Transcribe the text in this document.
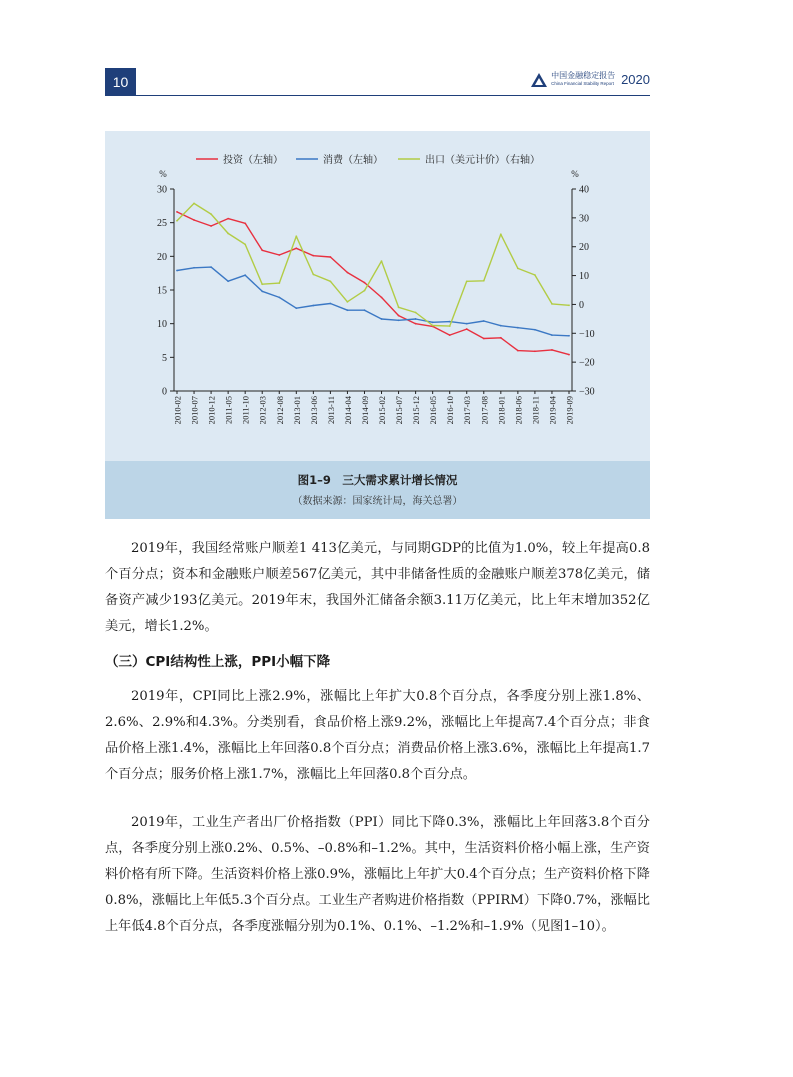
10	中国金融稳定报告
China Financial Stability Report 2020
%	%
0
5
10
15
20
25
30
−30
−20
−10
0
10
20
30
40
2010-02 2010-07 2010-12 2011-05 2011-10 2012-03 2012-08 2013-01 2013-06 2013-11 2014-04 2014-09 2015-02 2015-07 2015-12 2016-05 2016-10 2017-03 2017-08 2018-01 2018-06 2018-11 2019-04 2019-09
投资（左轴）	消费（左轴）	出口（美元计价）（右轴）
图1–9　三大需求累计增长情况
（数据来源：国家统计局，海关总署）

2019年，我国经常账户顺差1 413亿美元，与同期GDP的比值为1.0%，较上年提高0.8个百分点；资本和金融账户顺差567亿美元，其中非储备性质的金融账户顺差378亿美元，储备资产减少193亿美元。2019年末，我国外汇储备余额3.11万亿美元，比上年末增加352亿美元，增长1.2%。

（三）CPI结构性上涨，PPI小幅下降

2019年，CPI同比上涨2.9%，涨幅比上年扩大0.8个百分点，各季度分别上涨1.8%、2.6%、2.9%和4.3%。分类别看，食品价格上涨9.2%，涨幅比上年提高7.4个百分点；非食品价格上涨1.4%，涨幅比上年回落0.8个百分点；消费品价格上涨3.6%，涨幅比上年提高1.7个百分点；服务价格上涨1.7%，涨幅比上年回落0.8个百分点。

2019年，工业生产者出厂价格指数（PPI）同比下降0.3%，涨幅比上年回落3.8个百分点，各季度分别上涨0.2%、0.5%、–0.8%和–1.2%。其中，生活资料价格小幅上涨，生产资料价格有所下降。生活资料价格上涨0.9%，涨幅比上年扩大0.4个百分点；生产资料价格下降0.8%，涨幅比上年低5.3个百分点。工业生产者购进价格指数（PPIRM）下降0.7%，涨幅比上年低4.8个百分点，各季度涨幅分别为0.1%、0.1%、–1.2%和–1.9%（见图1–10）。
